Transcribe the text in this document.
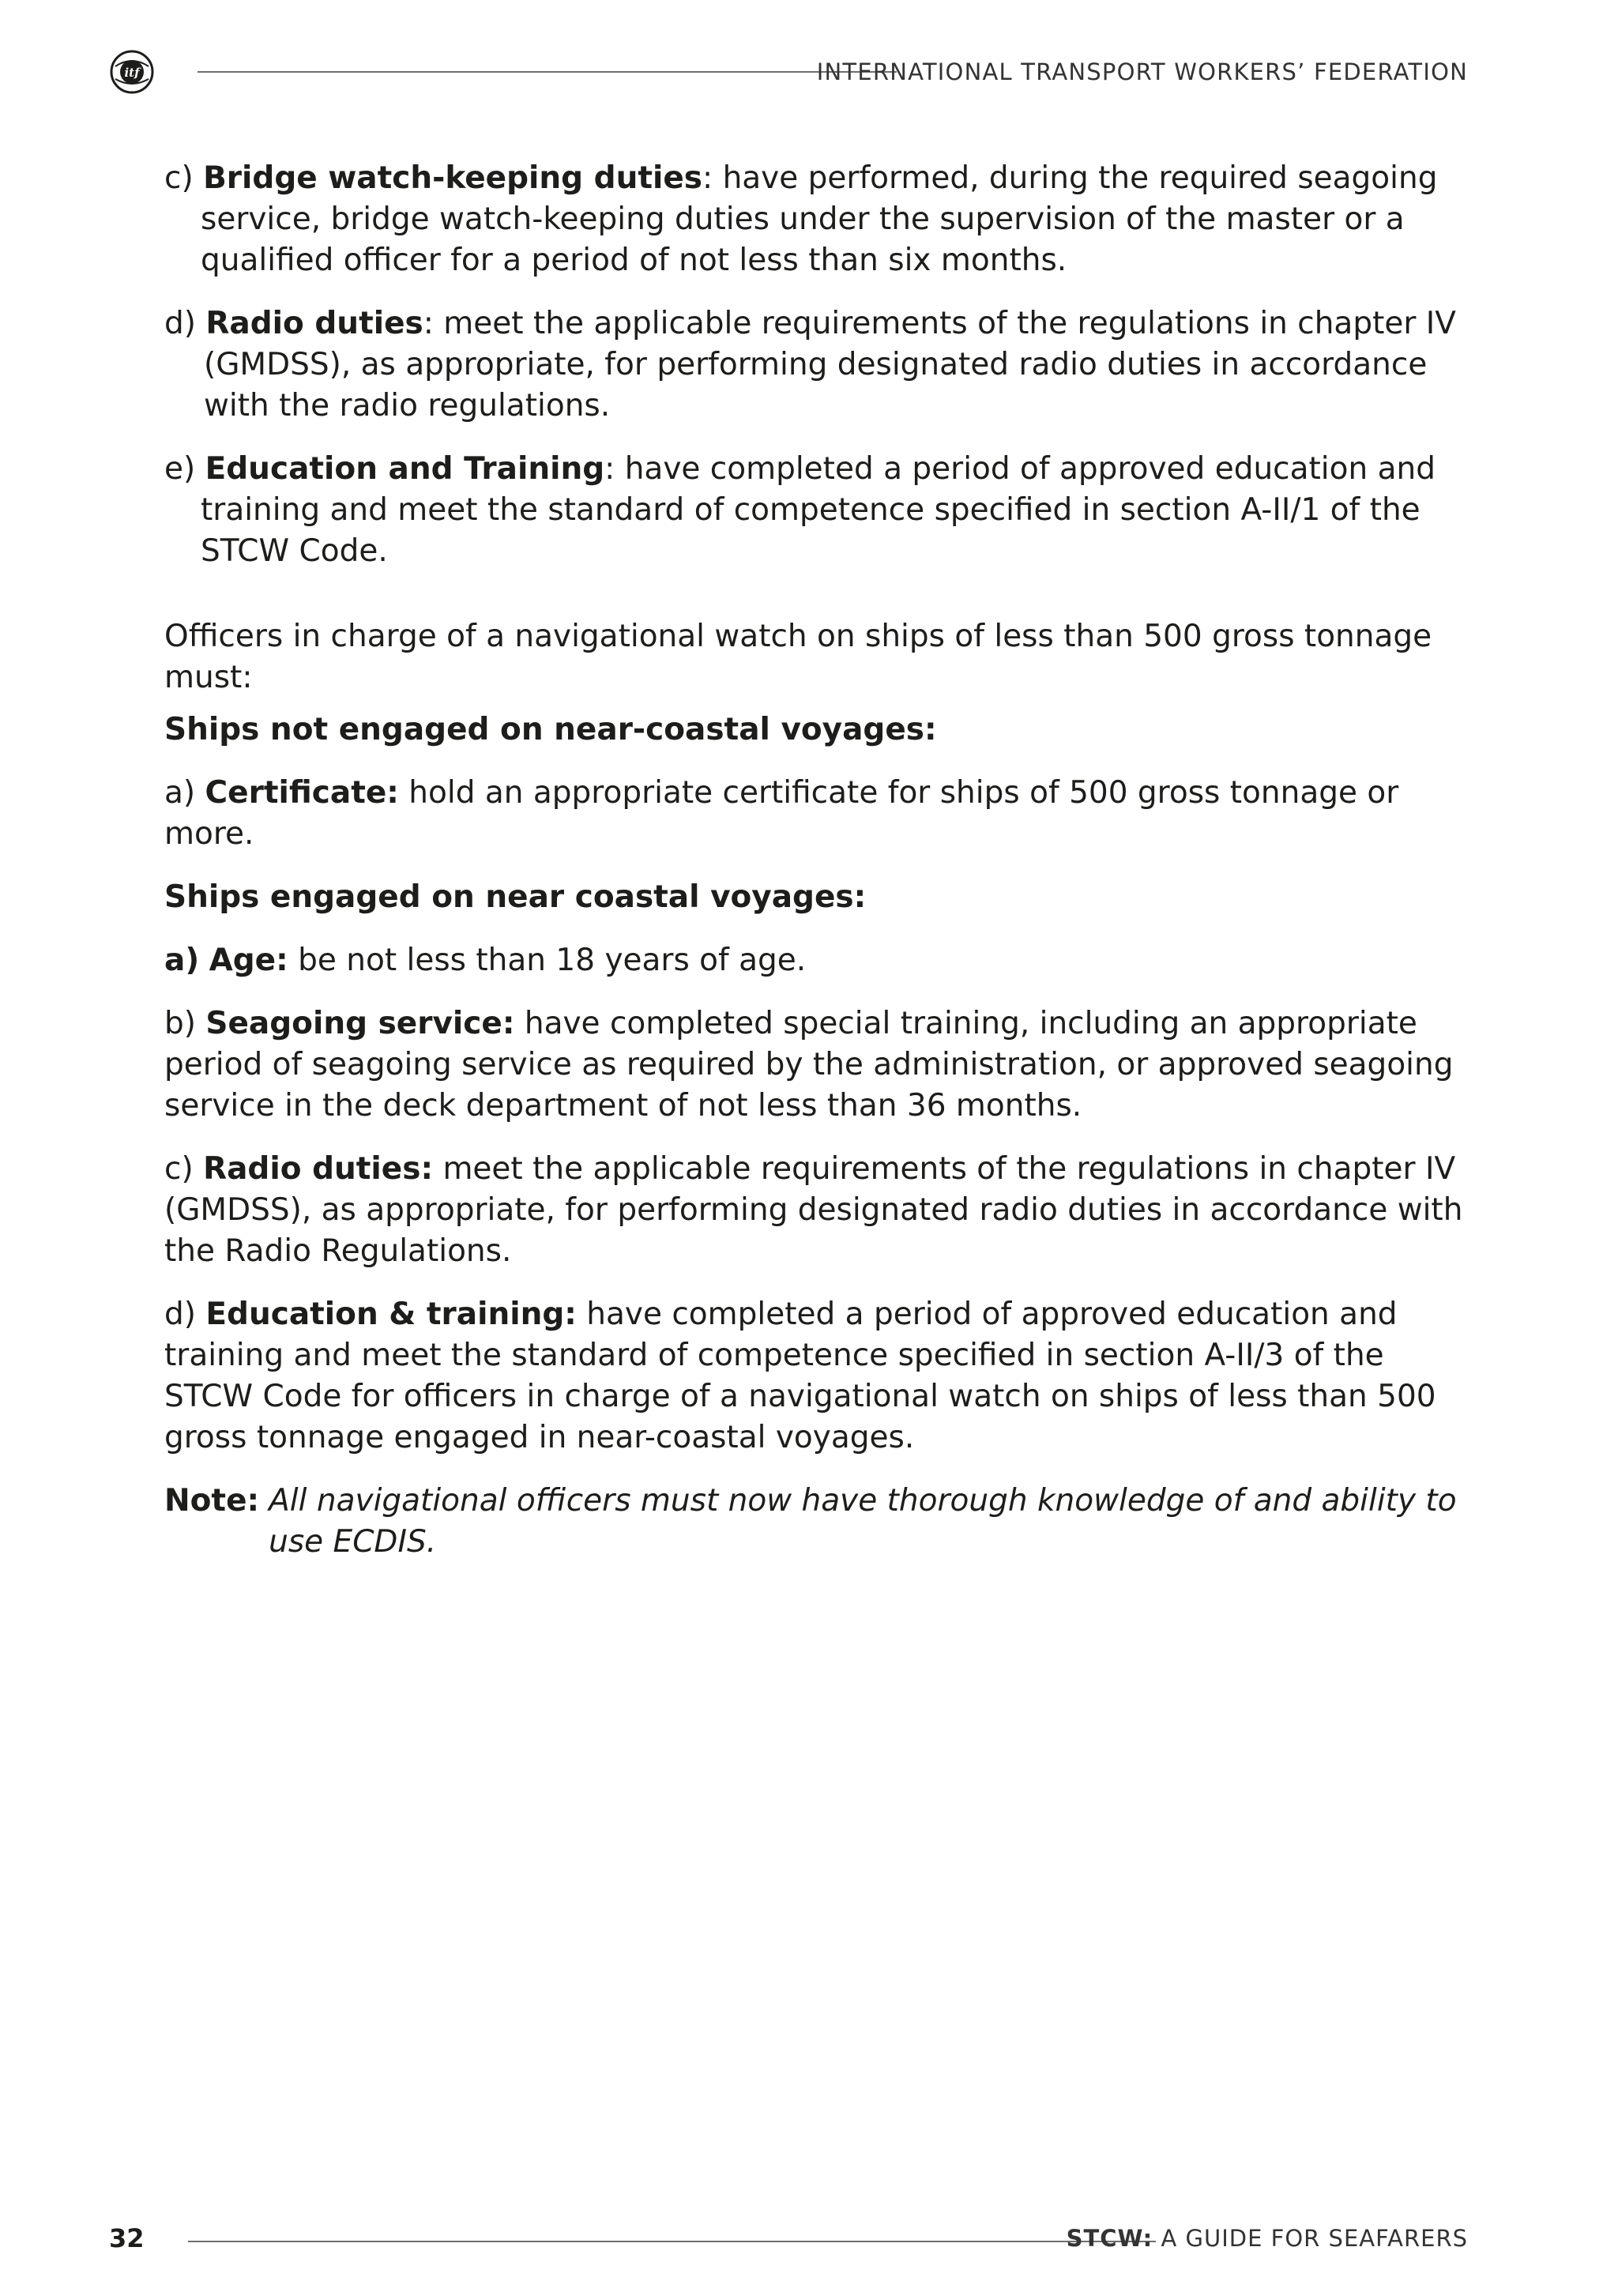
itf	INTERNATIONAL TRANSPORT WORKERS’ FEDERATION

c) Bridge watch-keeping duties: have performed, during the required seagoing service, bridge watch-keeping duties under the supervision of the master or a qualified officer for a period of not less than six months.

d) Radio duties: meet the applicable requirements of the regulations in chapter IV (GMDSS), as appropriate, for performing designated radio duties in accordance with the radio regulations.

e) Education and Training: have completed a period of approved education and training and meet the standard of competence specified in section A-II/1 of the STCW Code.

Officers in charge of a navigational watch on ships of less than 500 gross tonnage must:

Ships not engaged on near-coastal voyages:

a) Certificate: hold an appropriate certificate for ships of 500 gross tonnage or more.

Ships engaged on near coastal voyages:

a) Age: be not less than 18 years of age.

b) Seagoing service: have completed special training, including an appropriate period of seagoing service as required by the administration, or approved seagoing service in the deck department of not less than 36 months.

c) Radio duties: meet the applicable requirements of the regulations in chapter IV (GMDSS), as appropriate, for performing designated radio duties in accordance with the Radio Regulations.

d) Education & training: have completed a period of approved education and training and meet the standard of competence specified in section A-II/3 of the STCW Code for officers in charge of a navigational watch on ships of less than 500 gross tonnage engaged in near-coastal voyages.

Note: All navigational officers must now have thorough knowledge of and ability to use ECDIS.
32	STCW: A GUIDE FOR SEAFARERS
